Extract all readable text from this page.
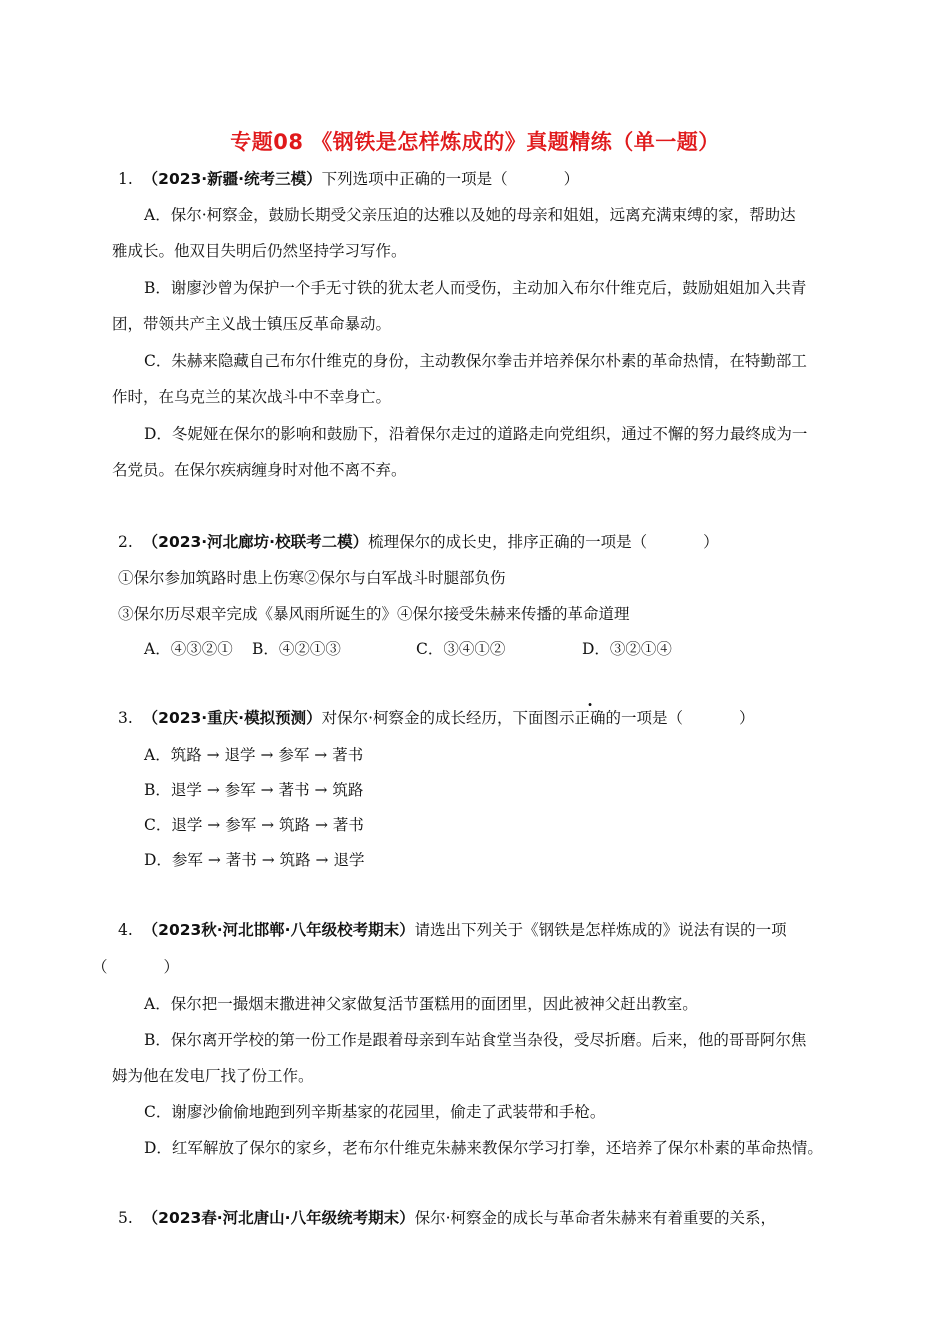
专题08 《钢铁是怎样炼成的》真题精练（单一题）
1. （2023·新疆·统考三模）下列选项中正确的一项是（	）
A．保尔·柯察金，鼓励长期受父亲压迫的达雅以及她的母亲和姐姐，远离充满束缚的家，帮助达
雅成长。他双目失明后仍然坚持学习写作。
B．谢廖沙曾为保护一个手无寸铁的犹太老人而受伤，主动加入布尔什维克后，鼓励姐姐加入共青
团，带领共产主义战士镇压反革命暴动。
C．朱赫来隐藏自己布尔什维克的身份，主动教保尔拳击并培养保尔朴素的革命热情，在特勤部工
作时，在乌克兰的某次战斗中不幸身亡。
D．冬妮娅在保尔的影响和鼓励下，沿着保尔走过的道路走向党组织，通过不懈的努力最终成为一
名党员。在保尔疾病缠身时对他不离不弃。
2. （2023·河北廊坊·校联考二模）梳理保尔的成长史，排序正确的一项是（	）
①保尔参加筑路时患上伤寒②保尔与白军战斗时腿部负伤
③保尔历尽艰辛完成《暴风雨所诞生的》④保尔接受朱赫来传播的革命道理
A．④③②① B．④②①③	C．③④①②	D．③②①④
3. （2023·重庆·模拟预测）对保尔·柯察金的成长经历，下面图示正确的一项是（	）
A．筑路 → 退学 → 参军 → 著书
B．退学 → 参军 → 著书 → 筑路
C．退学 → 参军 → 筑路 → 著书
D．参军 → 著书 → 筑路 → 退学
4. （2023秋·河北邯郸·八年级校考期末）请选出下列关于《钢铁是怎样炼成的》说法有误的一项
（	）
A．保尔把一撮烟末撒进神父家做复活节蛋糕用的面团里，因此被神父赶出教室。
B．保尔离开学校的第一份工作是跟着母亲到车站食堂当杂役，受尽折磨。后来，他的哥哥阿尔焦
姆为他在发电厂找了份工作。
C．谢廖沙偷偷地跑到列辛斯基家的花园里，偷走了武装带和手枪。
D．红军解放了保尔的家乡，老布尔什维克朱赫来教保尔学习打拳，还培养了保尔朴素的革命热情。
5. （2023春·河北唐山·八年级统考期末）保尔·柯察金的成长与革命者朱赫来有着重要的关系，
